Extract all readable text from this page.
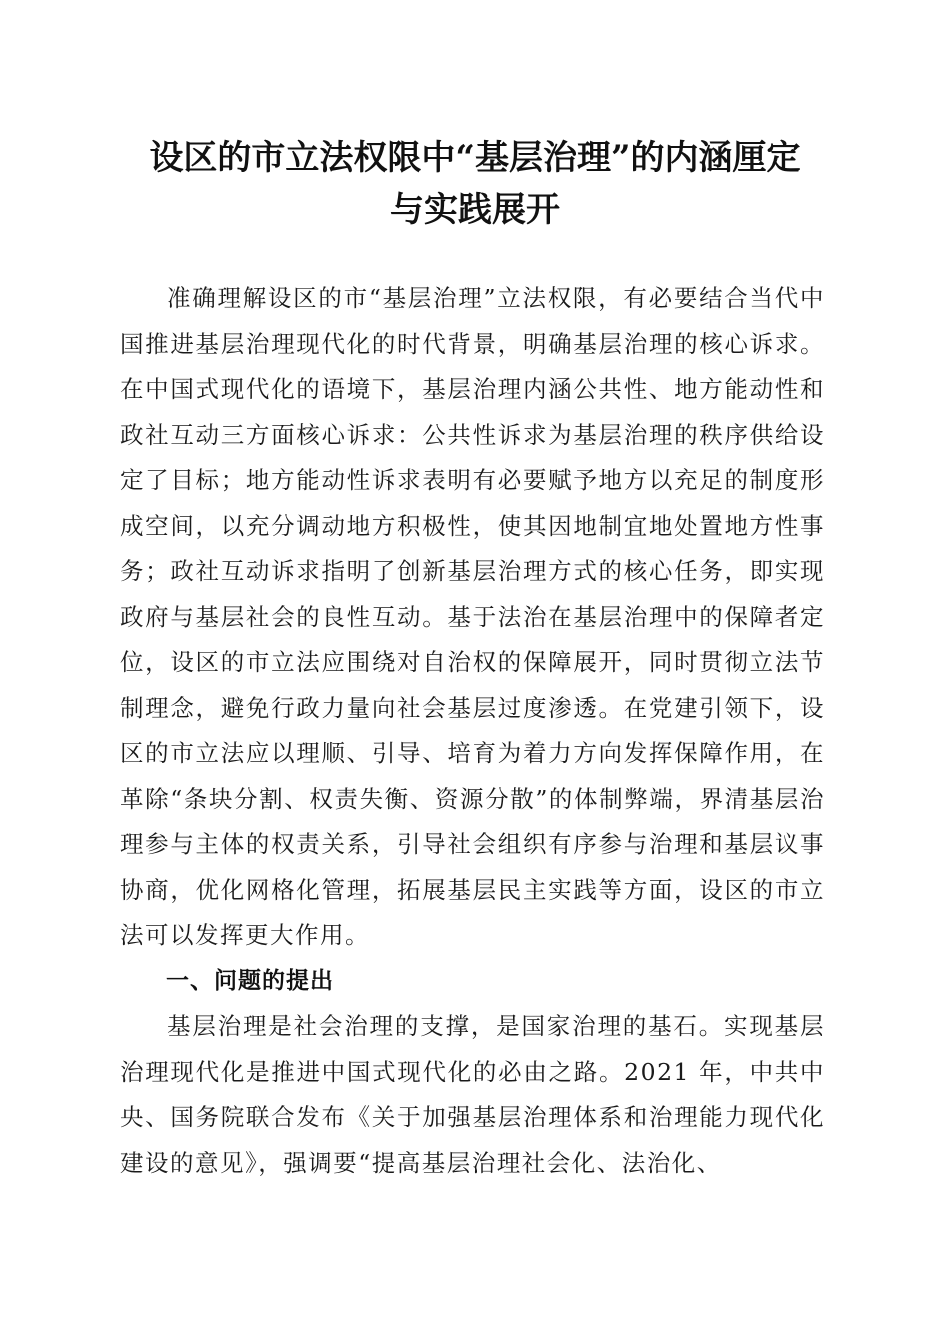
设区的市立法权限中“基层治理”的内涵厘定
与实践展开

准确理解设区的市“基层治理”立法权限，有必要结合当代中国推进基层治理现代化的时代背景，明确基层治理的核心诉求。在中国式现代化的语境下，基层治理内涵公共性、地方能动性和政社互动三方面核心诉求：公共性诉求为基层治理的秩序供给设定了目标；地方能动性诉求表明有必要赋予地方以充足的制度形成空间，以充分调动地方积极性，使其因地制宜地处置地方性事务；政社互动诉求指明了创新基层治理方式的核心任务，即实现政府与基层社会的良性互动。基于法治在基层治理中的保障者定位，设区的市立法应围绕对自治权的保障展开，同时贯彻立法节制理念，避免行政力量向社会基层过度渗透。在党建引领下，设区的市立法应以理顺、引导、培育为着力方向发挥保障作用，在革除“条块分割、权责失衡、资源分散”的体制弊端，界清基层治理参与主体的权责关系，引导社会组织有序参与治理和基层议事协商，优化网格化管理，拓展基层民主实践等方面，设区的市立法可以发挥更大作用。

一、问题的提出

基层治理是社会治理的支撑，是国家治理的基石。实现基层治理现代化是推进中国式现代化的必由之路。2021 年，中共中央、国务院联合发布《关于加强基层治理体系和治理能力现代化建设的意见》，强调要“提高基层治理社会化、法治化、
